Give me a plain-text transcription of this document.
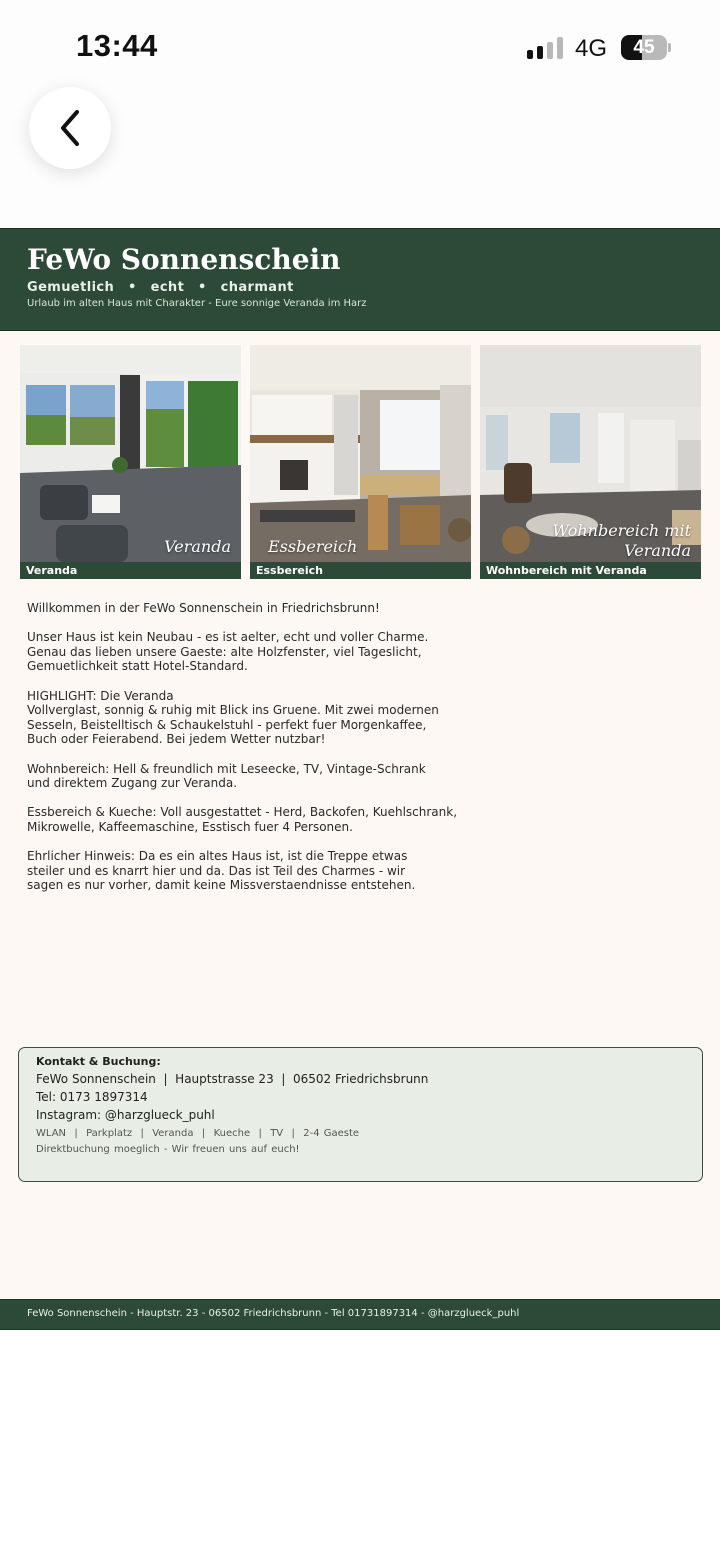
13:44	4G	45
FeWo Sonnenschein
Gemuetlich  •  echt  •  charmant
Urlaub im alten Haus mit Charakter - Eure sonnige Veranda im Harz
Veranda
Veranda
Essbereich
Essbereich
Wohnbereich mit
Veranda
Wohnbereich mit Veranda

Willkommen in der FeWo Sonnenschein in Friedrichsbrunn!

Unser Haus ist kein Neubau - es ist aelter, echt und voller Charme.
Genau das lieben unsere Gaeste: alte Holzfenster, viel Tageslicht,
Gemuetlichkeit statt Hotel-Standard.

HIGHLIGHT: Die Veranda
Vollverglast, sonnig & ruhig mit Blick ins Gruene. Mit zwei modernen
Sesseln, Beistelltisch & Schaukelstuhl - perfekt fuer Morgenkaffee,
Buch oder Feierabend. Bei jedem Wetter nutzbar!

Wohnbereich: Hell & freundlich mit Leseecke, TV, Vintage-Schrank
und direktem Zugang zur Veranda.

Essbereich & Kueche: Voll ausgestattet - Herd, Backofen, Kuehlschrank,
Mikrowelle, Kaffeemaschine, Esstisch fuer 4 Personen.

Ehrlicher Hinweis: Da es ein altes Haus ist, ist die Treppe etwas
steiler und es knarrt hier und da. Das ist Teil des Charmes - wir
sagen es nur vorher, damit keine Missverstaendnisse entstehen.

Kontakt & Buchung:
FeWo Sonnenschein  |  Hauptstrasse 23  |  06502 Friedrichsbrunn
Tel: 0173 1897314
Instagram: @harzglueck_puhl
WLAN  |  Parkplatz  |  Veranda  |  Kueche  |  TV  |  2-4 Gaeste
Direktbuchung moeglich - Wir freuen uns auf euch!
FeWo Sonnenschein - Hauptstr. 23 - 06502 Friedrichsbrunn - Tel 01731897314 - @harzglueck_puhl
